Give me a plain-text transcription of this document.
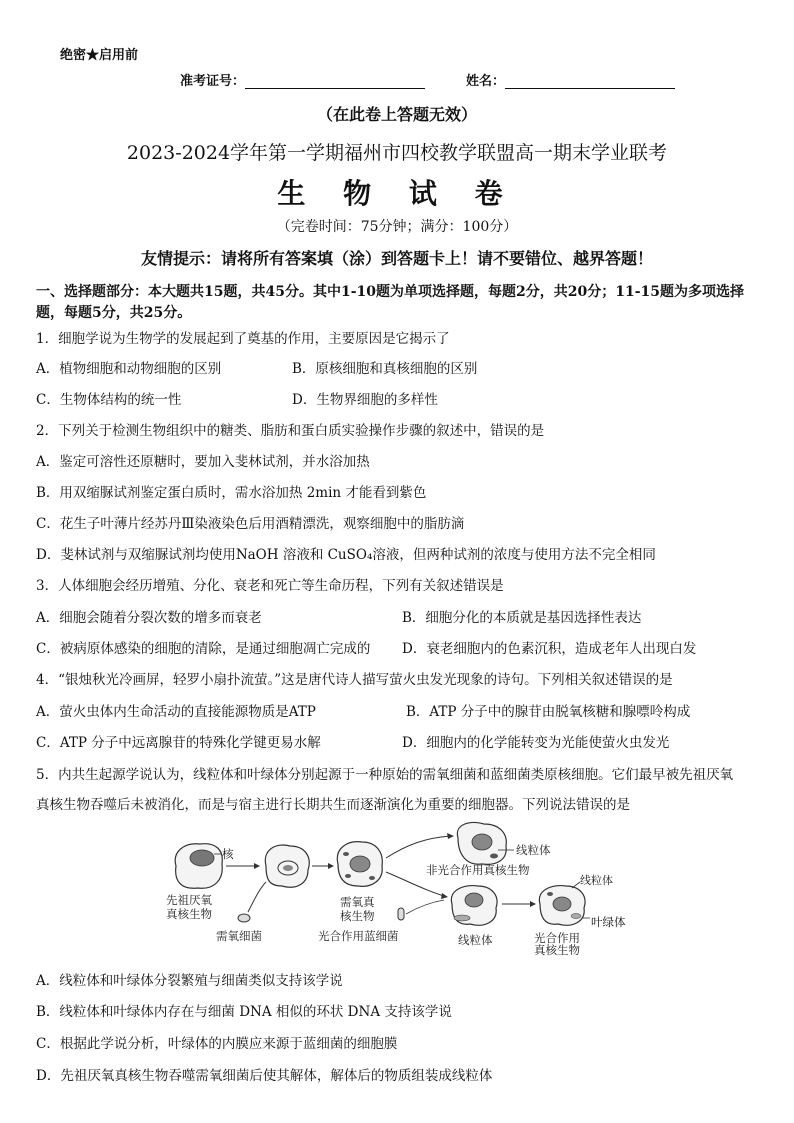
绝密★启用前
准考证号：	姓名：
（在此卷上答题无效）
2023-2024学年第一学期福州市四校教学联盟高一期末学业联考
生 物 试 卷
（完卷时间：75分钟；满分：100分）
友情提示：请将所有答案填（涂）到答题卡上！请不要错位、越界答题！
一、选择题部分：本大题共15题，共45分。其中1-10题为单项选择题，每题2分，共20分；11-15题为多项选择题，每题5分，共25分。
1．细胞学说为生物学的发展起到了奠基的作用，主要原因是它揭示了
A．植物细胞和动物细胞的区别	B．原核细胞和真核细胞的区别
C．生物体结构的统一性	D．生物界细胞的多样性
2．下列关于检测生物组织中的糖类、脂肪和蛋白质实验操作步骤的叙述中，错误的是
A．鉴定可溶性还原糖时，要加入斐林试剂，并水浴加热
B．用双缩脲试剂鉴定蛋白质时，需水浴加热 2min 才能看到紫色
C．花生子叶薄片经苏丹Ⅲ染液染色后用酒精漂洗，观察细胞中的脂肪滴
D．斐林试剂与双缩脲试剂均使用NaOH 溶液和 CuSO₄溶液，但两种试剂的浓度与使用方法不完全相同
3．人体细胞会经历增殖、分化、衰老和死亡等生命历程，下列有关叙述错误是
A．细胞会随着分裂次数的增多而衰老	B．细胞分化的本质就是基因选择性表达
C．被病原体感染的细胞的清除，是通过细胞凋亡完成的 D．衰老细胞内的色素沉积，造成老年人出现白发
4．“银烛秋光冷画屏，轻罗小扇扑流萤。”这是唐代诗人描写萤火虫发光现象的诗句。下列相关叙述错误的是
A．萤火虫体内生命活动的直接能源物质是ATP	B．ATP 分子中的腺苷由脱氧核糖和腺嘌呤构成
C．ATP 分子中远离腺苷的特殊化学键更易水解	D．细胞内的化学能转变为光能使萤火虫发光
5．内共生起源学说认为，线粒体和叶绿体分别起源于一种原始的需氧细菌和蓝细菌类原核细胞。它们最早被先祖厌氧
真核生物吞噬后未被消化，而是与宿主进行长期共生而逐渐演化为重要的细胞器。下列说法错误的是
核
先祖厌氧
真核生物
需氧细菌
需氧真
核生物
光合作用蓝细菌
线粒体
非光合作用真核生物
线粒体
线粒体
光合作用
真核生物
叶绿体
A．线粒体和叶绿体分裂繁殖与细菌类似支持该学说
B．线粒体和叶绿体内存在与细菌 DNA 相似的环状 DNA 支持该学说
C．根据此学说分析，叶绿体的内膜应来源于蓝细菌的细胞膜
D．先祖厌氧真核生物吞噬需氧细菌后使其解体，解体后的物质组装成线粒体
